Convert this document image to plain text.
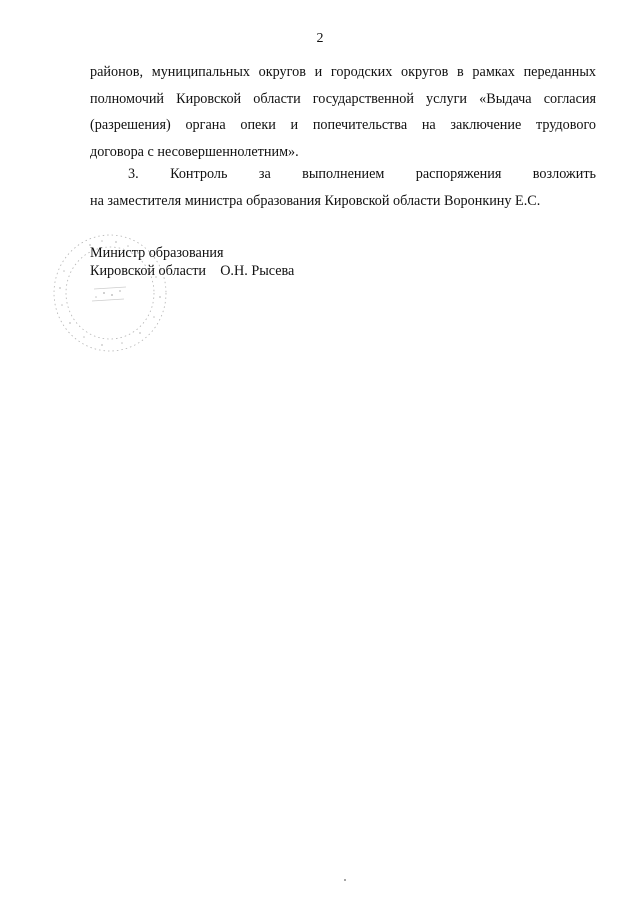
2
районов, муниципальных округов и городских округов в рамках переданных
полномочий Кировской области государственной услуги «Выдача согласия
(разрешения) органа опеки и попечительства на заключение трудового
договора с несовершеннолетним».
3. Контроль за выполнением распоряжения возложить
на заместителя министра образования Кировской области Воронкину Е.С.
Министр образования
Кировской области О.Н. Рысева
